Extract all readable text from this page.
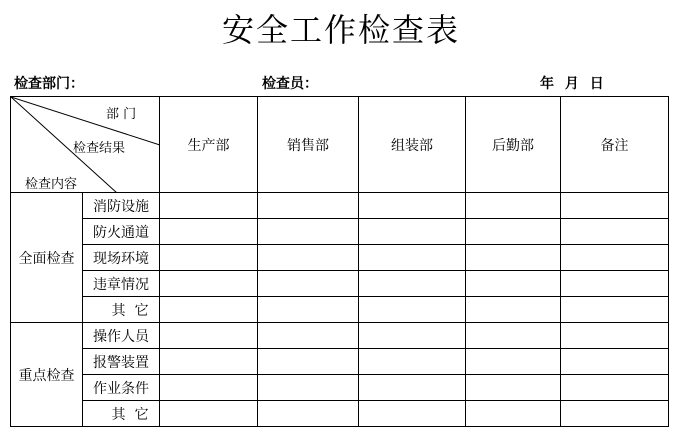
安全工作检查表
检查部门：	检查员：	年 月 日
部 门
检查结果
检查内容		生产部	销售部	组装部	后勤部	备注
全面检查	消防设施					
	防火通道					
	现场环境					
	违章情况					
	其  它					
重点检查	操作人员					
	报警装置					
	作业条件					
	其  它					
